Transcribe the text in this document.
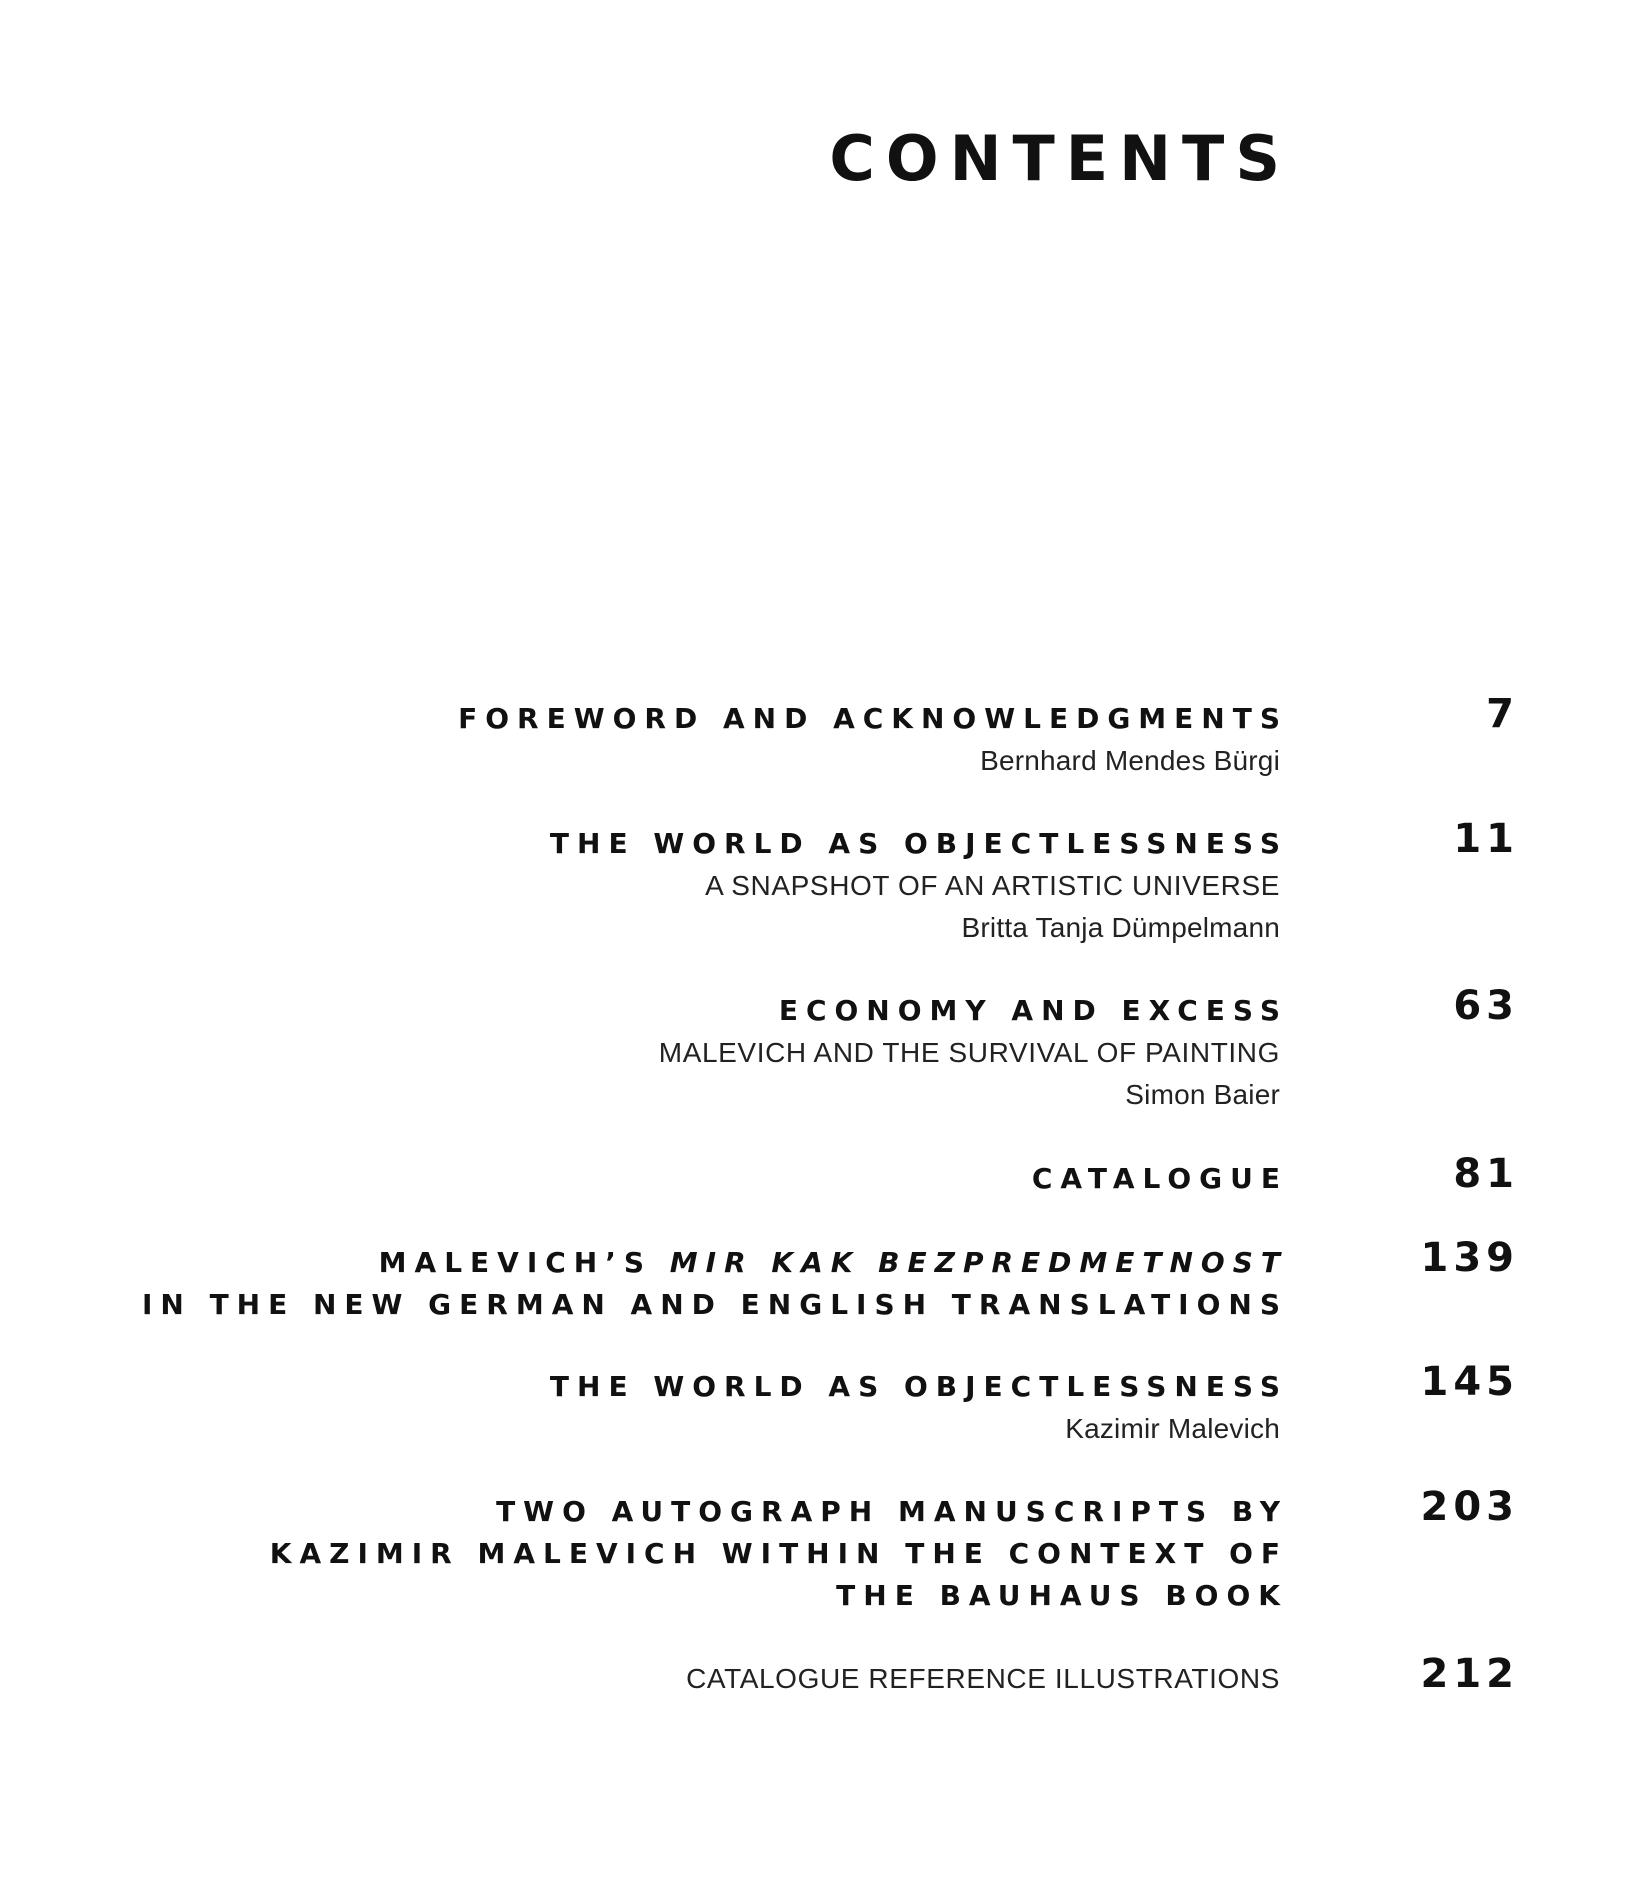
CONTENTS
FOREWORD AND ACKNOWLEDGMENTS
Bernhard Mendes Bürgi
7
THE WORLD AS OBJECTLESSNESS
A SNAPSHOT OF AN ARTISTIC UNIVERSE
Britta Tanja Dümpelmann
11
ECONOMY AND EXCESS
MALEVICH AND THE SURVIVAL OF PAINTING
Simon Baier
63
CATALOGUE	81
MALEVICH’S MIR KAK BEZPREDMETNOST
IN THE NEW GERMAN AND ENGLISH TRANSLATIONS
139
THE WORLD AS OBJECTLESSNESS
Kazimir Malevich
145
TWO AUTOGRAPH MANUSCRIPTS BY
KAZIMIR MALEVICH WITHIN THE CONTEXT OF
THE BAUHAUS BOOK
203
CATALOGUE REFERENCE ILLUSTRATIONS	212
